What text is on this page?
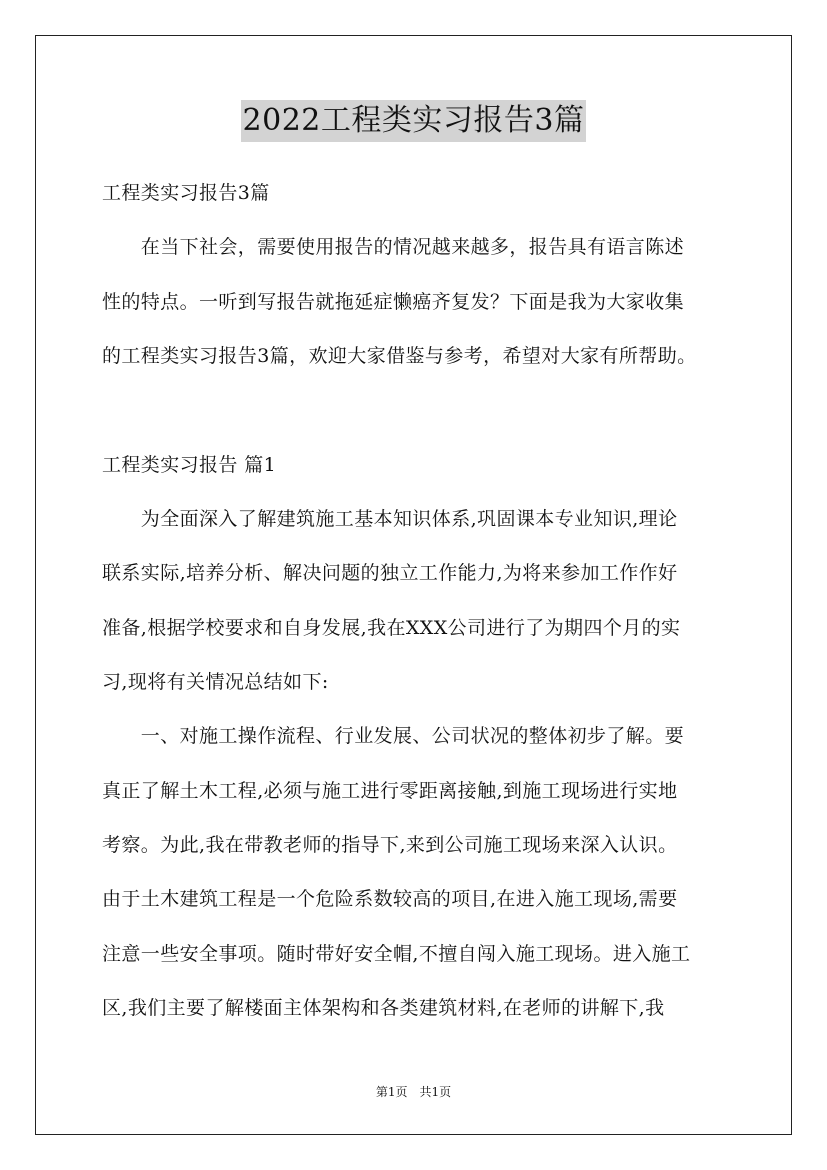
2022工程类实习报告3篇
工程类实习报告3篇
　　在当下社会，需要使用报告的情况越来越多，报告具有语言陈述
性的特点。一听到写报告就拖延症懒癌齐复发？下面是我为大家收集
的工程类实习报告3篇，欢迎大家借鉴与参考，希望对大家有所帮助。
工程类实习报告 篇1
　　为全面深入了解建筑施工基本知识体系,巩固课本专业知识,理论
联系实际,培养分析、解决问题的独立工作能力,为将来参加工作作好
准备,根据学校要求和自身发展,我在XXX公司进行了为期四个月的实
习,现将有关情况总结如下:
　　一、对施工操作流程、行业发展、公司状况的整体初步了解。要
真正了解土木工程,必须与施工进行零距离接触,到施工现场进行实地
考察。为此,我在带教老师的指导下,来到公司施工现场来深入认识。
由于土木建筑工程是一个危险系数较高的项目,在进入施工现场,需要
注意一些安全事项。随时带好安全帽,不擅自闯入施工现场。进入施工
区,我们主要了解楼面主体架构和各类建筑材料,在老师的讲解下,我
第1页　共1页
